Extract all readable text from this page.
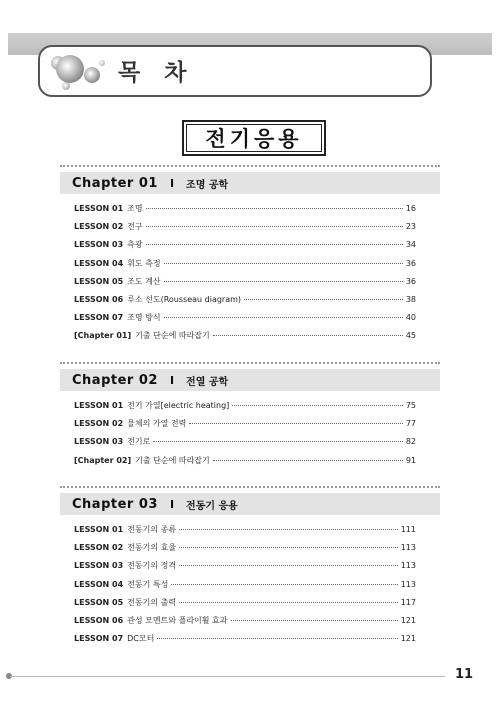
목 차
전기응용
Chapter 01 I 조명 공학
LESSON 01 조명	16
LESSON 02 전구	23
LESSON 03 측광	34
LESSON 04 휘도 측정	36
LESSON 05 조도 계산	36
LESSON 06 루소 선도(Rousseau diagram)	38
LESSON 07 조명 방식	40
[Chapter 01] 기출 단순에 따라잡기	45
Chapter 02 I 전열 공학
LESSON 01 전기 가열[electric heating]	75
LESSON 02 물체의 가열 전력	77
LESSON 03 전기로	82
[Chapter 02] 기출 단순에 따라잡기	91
Chapter 03 I 전동기 응용
LESSON 01 전동기의 종류	111
LESSON 02 전동기의 효율	113
LESSON 03 전동기의 정격	113
LESSON 04 전동기 특성	113
LESSON 05 전동기의 출력	117
LESSON 06 관성 모멘트와 플라이휠 효과	121
LESSON 07 DC모터	121
11
